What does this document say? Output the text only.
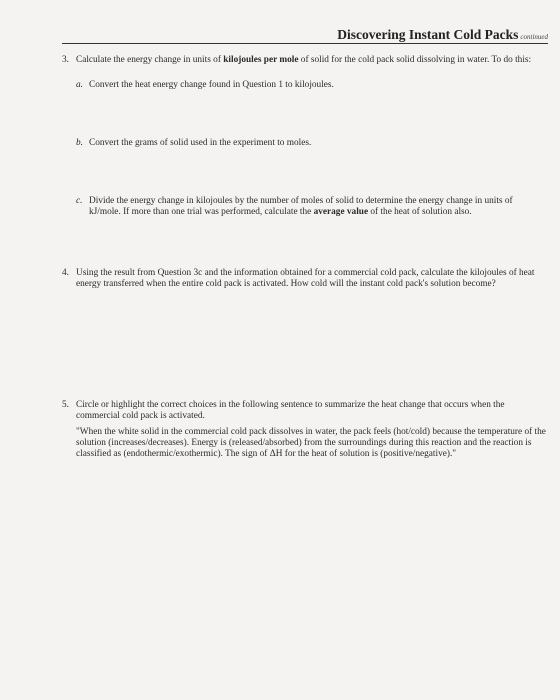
Discovering Instant Cold Packs continued
3. Calculate the energy change in units of kilojoules per mole of solid for the cold pack solid dissolving in water. To do this:
a. Convert the heat energy change found in Question 1 to kilojoules.
b. Convert the grams of solid used in the experiment to moles.
c. Divide the energy change in kilojoules by the number of moles of solid to determine the energy change in units of kJ/mole. If more than one trial was performed, calculate the average value of the heat of solution also.
4. Using the result from Question 3c and the information obtained for a commercial cold pack, calculate the kilojoules of heat energy transferred when the entire cold pack is activated. How cold will the instant cold pack's solution become?
5. Circle or highlight the correct choices in the following sentence to summarize the heat change that occurs when the commercial cold pack is activated.
"When the white solid in the commercial cold pack dissolves in water, the pack feels (hot/cold) because the temperature of the solution (increases/decreases). Energy is (released/absorbed) from the surroundings during this reaction and the reaction is classified as (endothermic/exothermic). The sign of ΔH for the heat of solution is (positive/negative)."
